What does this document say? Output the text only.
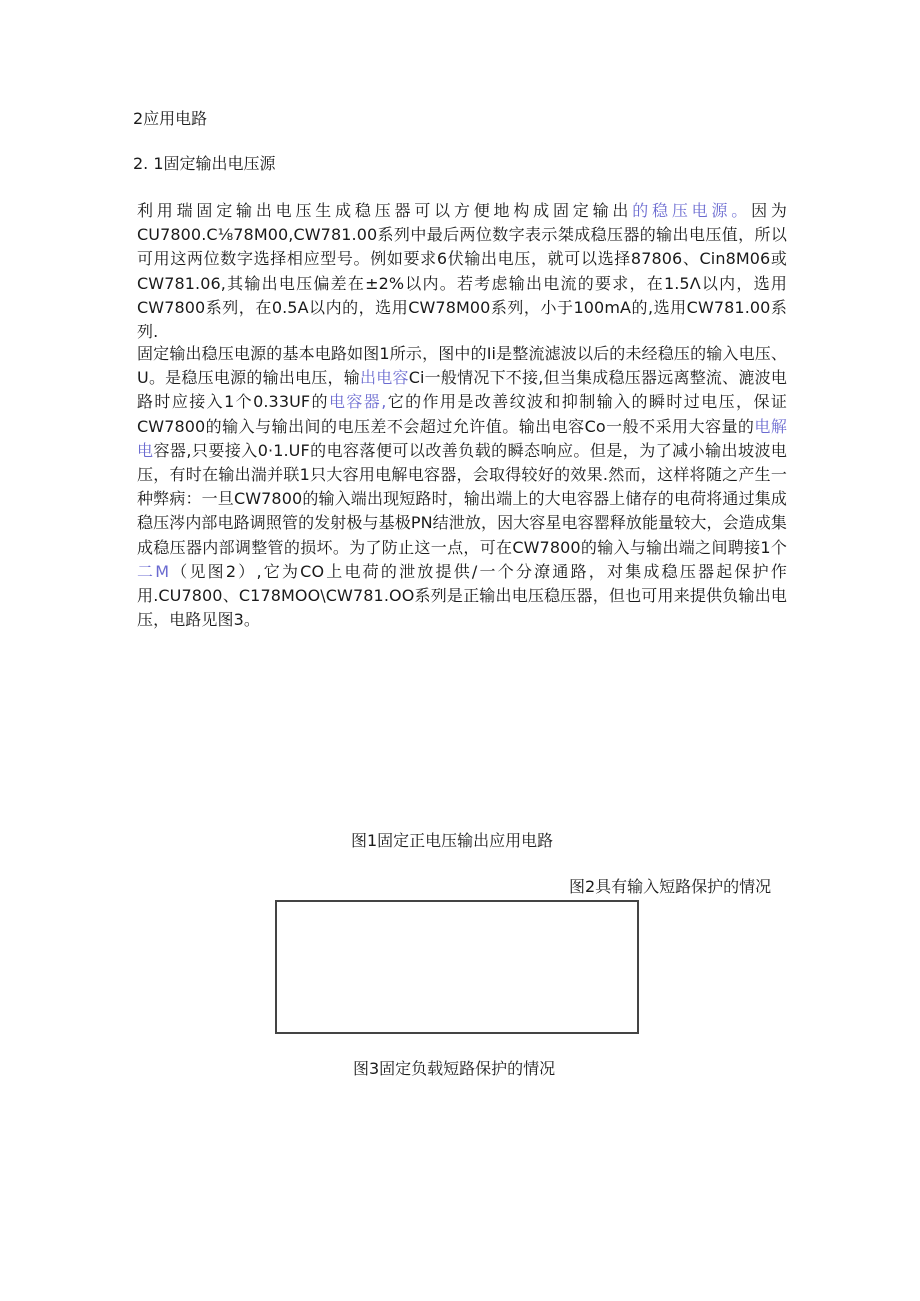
2应用电路
2. 1固定输出电压源
利用瑞固定输出电压生成稳压器可以方便地构成固定输出的稳压电源。因为CU7800.C⅛78M00,CW781.00系列中最后两位数字表示桀成稳压器的输出电压值，所以可用这两位数字选择相应型号。例如要求6伏输出电压，就可以选择87806、Cin8M06或CW781.06,其输出电压偏差在±2%以内。若考虑输出电流的要求，在1.5Λ以内，选用CW7800系列，在0.5A以内的，选用CW78M00系列，小于100mA的,选用CW781.00系列.
固定输出稳压电源的基本电路如图1所示，图中的Ii是整流滤波以后的未经稳压的输入电压、U。是稳压电源的输出电压，输出电容Ci一般情况下不接,但当集成稳压器远离整流、漉波电路时应接入1个0.33UF的电容器,它的作用是改善纹波和抑制输入的瞬时过电压，保证CW7800的输入与输出间的电压差不会超过允许值。输出电容Co一般不采用大容量的电解电容器,只要接入0·1.UF的电容落便可以改善负载的瞬态响应。但是，为了减小输出坡波电压，有时在输出湍并联1只大容用电解电容器，会取得较好的效果.然而，这样将随之产生一种弊病：一旦CW7800的输入端出现短路时，输出端上的大电容器上储存的电荷将通过集成稳压涔内部电路调照管的发射极与基极PN结泄放，因大容星电容罂释放能量较大，会造成集成稳压器内部调整管的损坏。为了防止这一点，可在CW7800的输入与输出端之间聘接1个二M（见图2）,它为CO上电荷的泄放提供/一个分潦通路，对集成稳压器起保护作用.CU7800、C178MOO\CW781.OO系列是正输出电压稳压器，但也可用来提供负输出电压，电路见图3。
图1固定正电压输出应用电路
图2具有输入短路保护的情况
图3固定负载短路保护的情况
